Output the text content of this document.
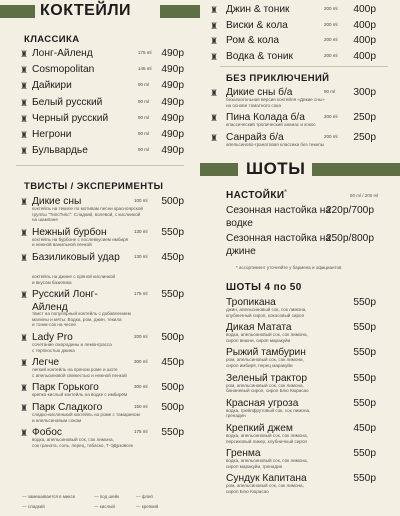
КОКТЕЙЛИ
КЛАССИКА
♜ Лонг-Айленд	175 ml 490р
♜ Cosmopolitan	145 ml 490р
♜ Дайкири	90 ml 490р
♜ Белый русский	90 ml 490р
♜ Черный русский	90 ml 490р
♜ Негрони	90 ml 490р
♜ Бульвардье	90 ml 490р
ТВИСТЫ / ЭКСПЕРИМЕНТЫ
♜ Дикие сны	100 ml 500р
коктейль на текиле по мотивам песни красноярской
группы "ТипсТипс": Сладкий, волевой, с кислинкой
на шампане
♜ Нежный бурбон	130 ml 550р
коктейль на бурбоне с послевкусием имбиря
и нежной ванильной пенкой
♜ Базиликовый удар	130 ml 450р
коктейль на джине с пряной кислинкой
и вкусом базилика
♜ Русский Лонг-Айленд
175 ml 550р
твист на популярный коктейль с добавлением
малины и мяты. Водка, ром, джин, текила
и тоник-сок на чесне
♜ Lady Pro	200 ml 500р
сочетание смородины и лемонграсса
с терпкостью джина
♜ Легче	300 ml 450р
легкий коктейль на пряном роме и шоте
с апельсиновой свежестью и нежной пенкой
♜ Парк Горького	300 ml 500р
крепко-кислый коктейль на водке с имбирём
♜ Парк Сладкого	150 ml 500р
сладко-кисленький коктейль на роме с тамарином
и апельсиновым соком
♜ Фобос	175 ml 550р
водка, апельсиновый сок, сок лимона,
сок граната, соль, перец, табаско, Т-ЭДрзовсек
— замешивается в миксе	— под шейк	— флип
— сладкий	— кислый	— крепкий
♜ Джин & тоник	200 ml 400р
♜ Виски & кола	200 ml 400р
♜ Ром & кола	200 ml 400р
♜ Водка & тоник	200 ml 400р
БЕЗ ПРИКЛЮЧЕНИЙ
♜ Дикие сны б/а	90 ml 300р
безалкогольная версия коктейля «Дикие сны»
на основе томатного сока
♜ Пина Колада б/а	200 ml 250р
классический тропический ананас и кокос
♜ Санрайз б/а	200 ml 250р
апельсиново-гранатовая классика без текилы
ШОТЫ
НАСТОЙКИ *	50 ml / 200 ml
Сезонная настойка на водке
220р/700р
Сезонная настойка на джине
250р/800р
* ассортимент уточняйте у бармена и официантов
ШОТЫ 4 по 50
Тропикана	550р
джин, апельсиновый сок, сок лимона,
клубничный сироп, кокосовый сироп
Дикая Матата	550р
водка, апельсиновый сок, сок лимона,
сироп вишни, сироп маракуйи
Рыжий тамбурин	550р
ром, апельсиновый сок, сок лимона,
сироп имбиря, перец маракуйи
Зеленый трактор	550р
ром, апельсиновый сок, сок лимона,
бананевый сироп, сироп Блю Кюрасао
Красная угроза	550р
водка, грейпфрутовый сок, сок лимона,
гренадин
Крепкий джем	450р
водка, апельсиновый сок, сок лимона,
персиковый ликер, клубничный сироп
Гренма	550р
водка, апельсиновый сок, сок лимона,
сироп маракуйи, гренадин
Сундук Капитана	550р
ром, апельсиновый сок, сок лимона,
сироп Блю Кюрасао
